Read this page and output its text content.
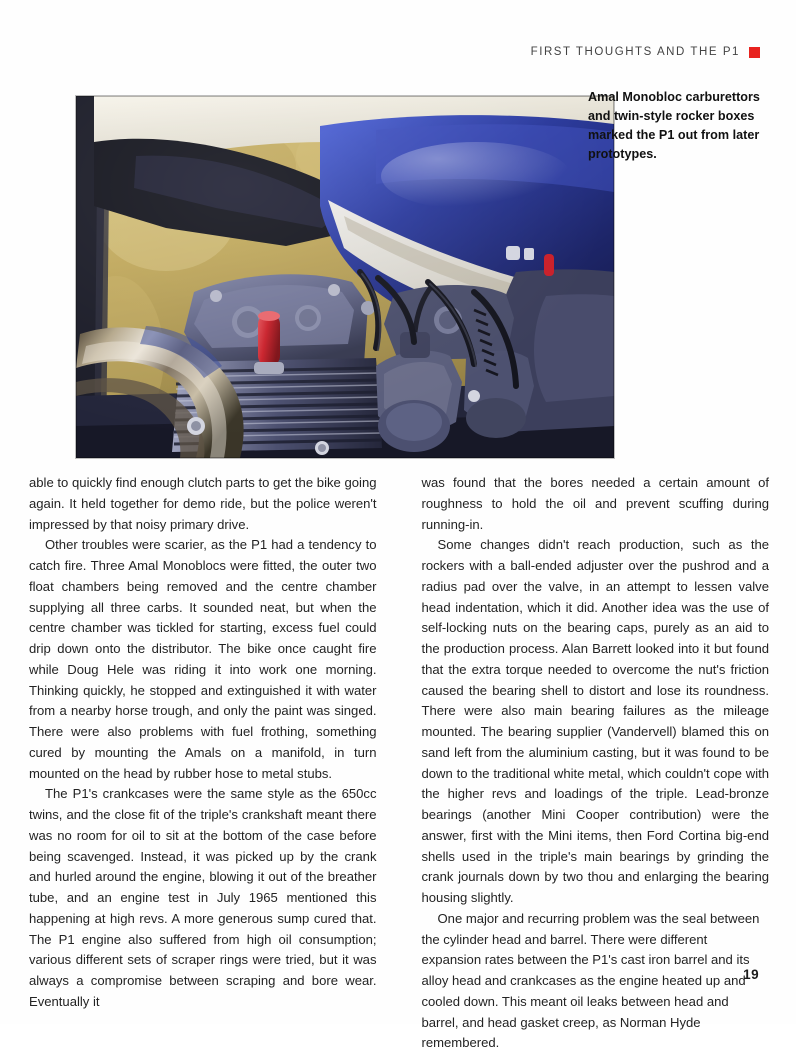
FIRST THOUGHTS AND THE P1
Amal Monobloc carburettors and twin-style rocker boxes marked the P1 out from later prototypes.

able to quickly find enough clutch parts to get the bike going again. It held together for demo ride, but the police weren't impressed by that noisy primary drive.

Other troubles were scarier, as the P1 had a tendency to catch fire. Three Amal Monoblocs were fitted, the outer two float chambers being removed and the centre chamber supplying all three carbs. It sounded neat, but when the centre chamber was tickled for starting, excess fuel could drip down onto the distributor. The bike once caught fire while Doug Hele was riding it into work one morning. Thinking quickly, he stopped and extinguished it with water from a nearby horse trough, and only the paint was singed. There were also problems with fuel frothing, something cured by mounting the Amals on a manifold, in turn mounted on the head by rubber hose to metal stubs.

The P1's crankcases were the same style as the 650cc twins, and the close fit of the triple's crankshaft meant there was no room for oil to sit at the bottom of the case before being scavenged. Instead, it was picked up by the crank and hurled around the engine, blowing it out of the breather tube, and an engine test in July 1965 mentioned this happening at high revs. A more generous sump cured that. The P1 engine also suffered from high oil consumption; various different sets of scraper rings were tried, but it was always a compromise between scraping and bore wear. Eventually it

was found that the bores needed a certain amount of roughness to hold the oil and prevent scuffing during running-in.

Some changes didn't reach production, such as the rockers with a ball-ended adjuster over the pushrod and a radius pad over the valve, in an attempt to lessen valve head indentation, which it did. Another idea was the use of self-locking nuts on the bearing caps, purely as an aid to the production process. Alan Barrett looked into it but found that the extra torque needed to overcome the nut's friction caused the bearing shell to distort and lose its roundness. There were also main bearing failures as the mileage mounted. The bearing supplier (Vandervell) blamed this on sand left from the aluminium casting, but it was found to be down to the traditional white metal, which couldn't cope with the higher revs and loadings of the triple. Lead-bronze bearings (another Mini Cooper contribution) were the answer, first with the Mini items, then Ford Cortina big-end shells used in the triple's main bearings by grinding the crank journals down by two thou and enlarging the bearing housing slightly.

One major and recurring problem was the seal between the cylinder head and barrel. There were different expansion rates between the P1's cast iron barrel and its alloy head and crankcases as the engine heated up and cooled down. This meant oil leaks between head and barrel, and head gasket creep, as Norman Hyde remembered.

19
